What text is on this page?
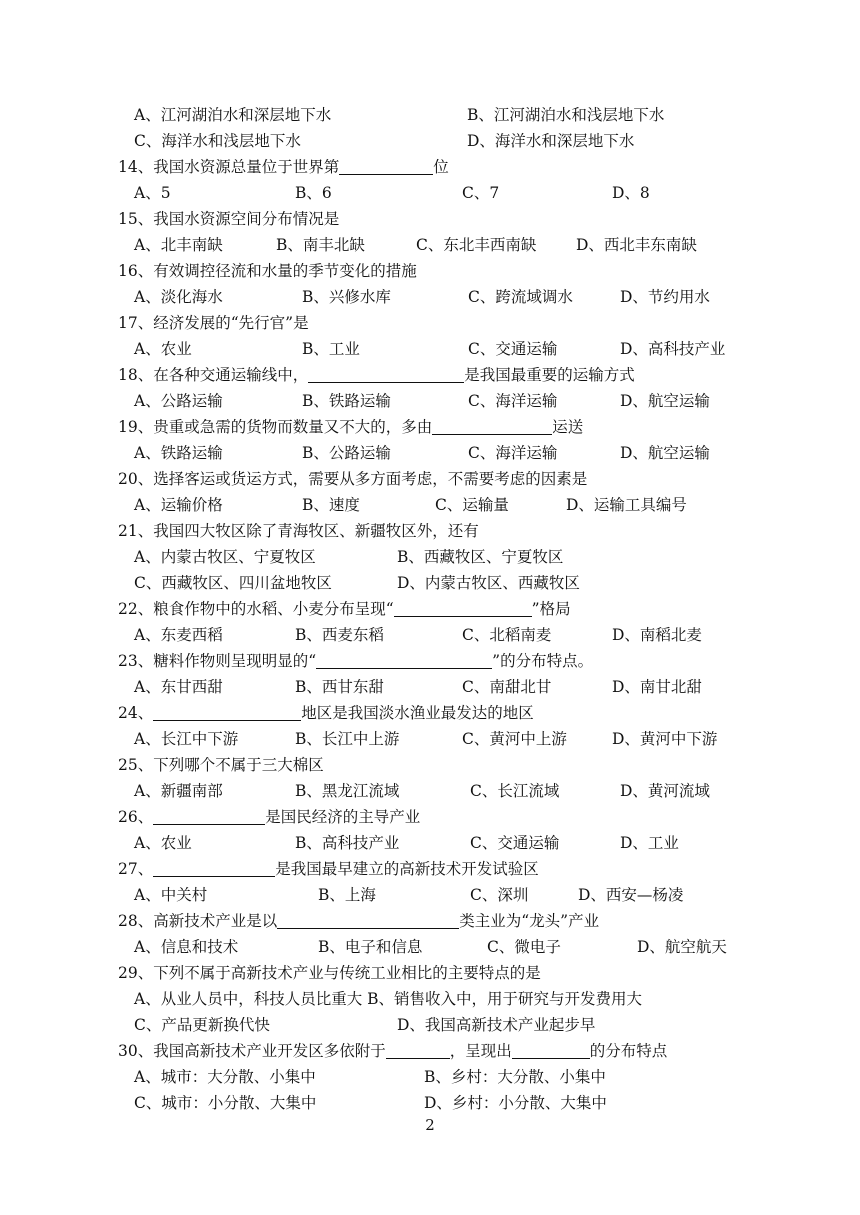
A、江河湖泊水和深层地下水	B、江河湖泊水和浅层地下水
C、海洋水和浅层地下水	D、海洋水和深层地下水
14、我国水资源总量位于世界第	位
A、5	B、6	C、7	D、8
15、我国水资源空间分布情况是
A、北丰南缺	B、南丰北缺	C、东北丰西南缺	D、西北丰东南缺
16、有效调控径流和水量的季节变化的措施
A、淡化海水	B、兴修水库	C、跨流域调水	D、节约用水
17、经济发展的“先行官”是
A、农业	B、工业	C、交通运输	D、高科技产业
18、在各种交通运输线中，	是我国最重要的运输方式
A、公路运输	B、铁路运输	C、海洋运输	D、航空运输
19、贵重或急需的货物而数量又不大的，多由	运送
A、铁路运输	B、公路运输	C、海洋运输	D、航空运输
20、选择客运或货运方式，需要从多方面考虑，不需要考虑的因素是
A、运输价格	B、速度	C、运输量	D、运输工具编号
21、我国四大牧区除了青海牧区、新疆牧区外，还有
A、内蒙古牧区、宁夏牧区	B、西藏牧区、宁夏牧区
C、西藏牧区、四川盆地牧区	D、内蒙古牧区、西藏牧区
22、粮食作物中的水稻、小麦分布呈现“	”格局
A、东麦西稻	B、西麦东稻	C、北稻南麦	D、南稻北麦
23、糖料作物则呈现明显的“	”的分布特点。
A、东甘西甜	B、西甘东甜	C、南甜北甘	D、南甘北甜
24、	地区是我国淡水渔业最发达的地区
A、长江中下游	B、长江中上游	C、黄河中上游	D、黄河中下游
25、下列哪个不属于三大棉区
A、新疆南部	B、黑龙江流域	C、长江流域	D、黄河流域
26、	是国民经济的主导产业
A、农业	B、高科技产业	C、交通运输	D、工业
27、	是我国最早建立的高新技术开发试验区
A、中关村	B、上海	C、深圳	D、西安—杨凌
28、高新技术产业是以	类主业为“龙头”产业
A、信息和技术	B、电子和信息	C、微电子	D、航空航天
29、下列不属于高新技术产业与传统工业相比的主要特点的是
A、从业人员中，科技人员比重大 B、销售收入中，用于研究与开发费用大
C、产品更新换代快	D、我国高新技术产业起步早
30、我国高新技术产业开发区多依附于	，呈现出	的分布特点
A、城市：大分散、小集中	B、乡村：大分散、小集中
C、城市：小分散、大集中	D、乡村：小分散、大集中
2
